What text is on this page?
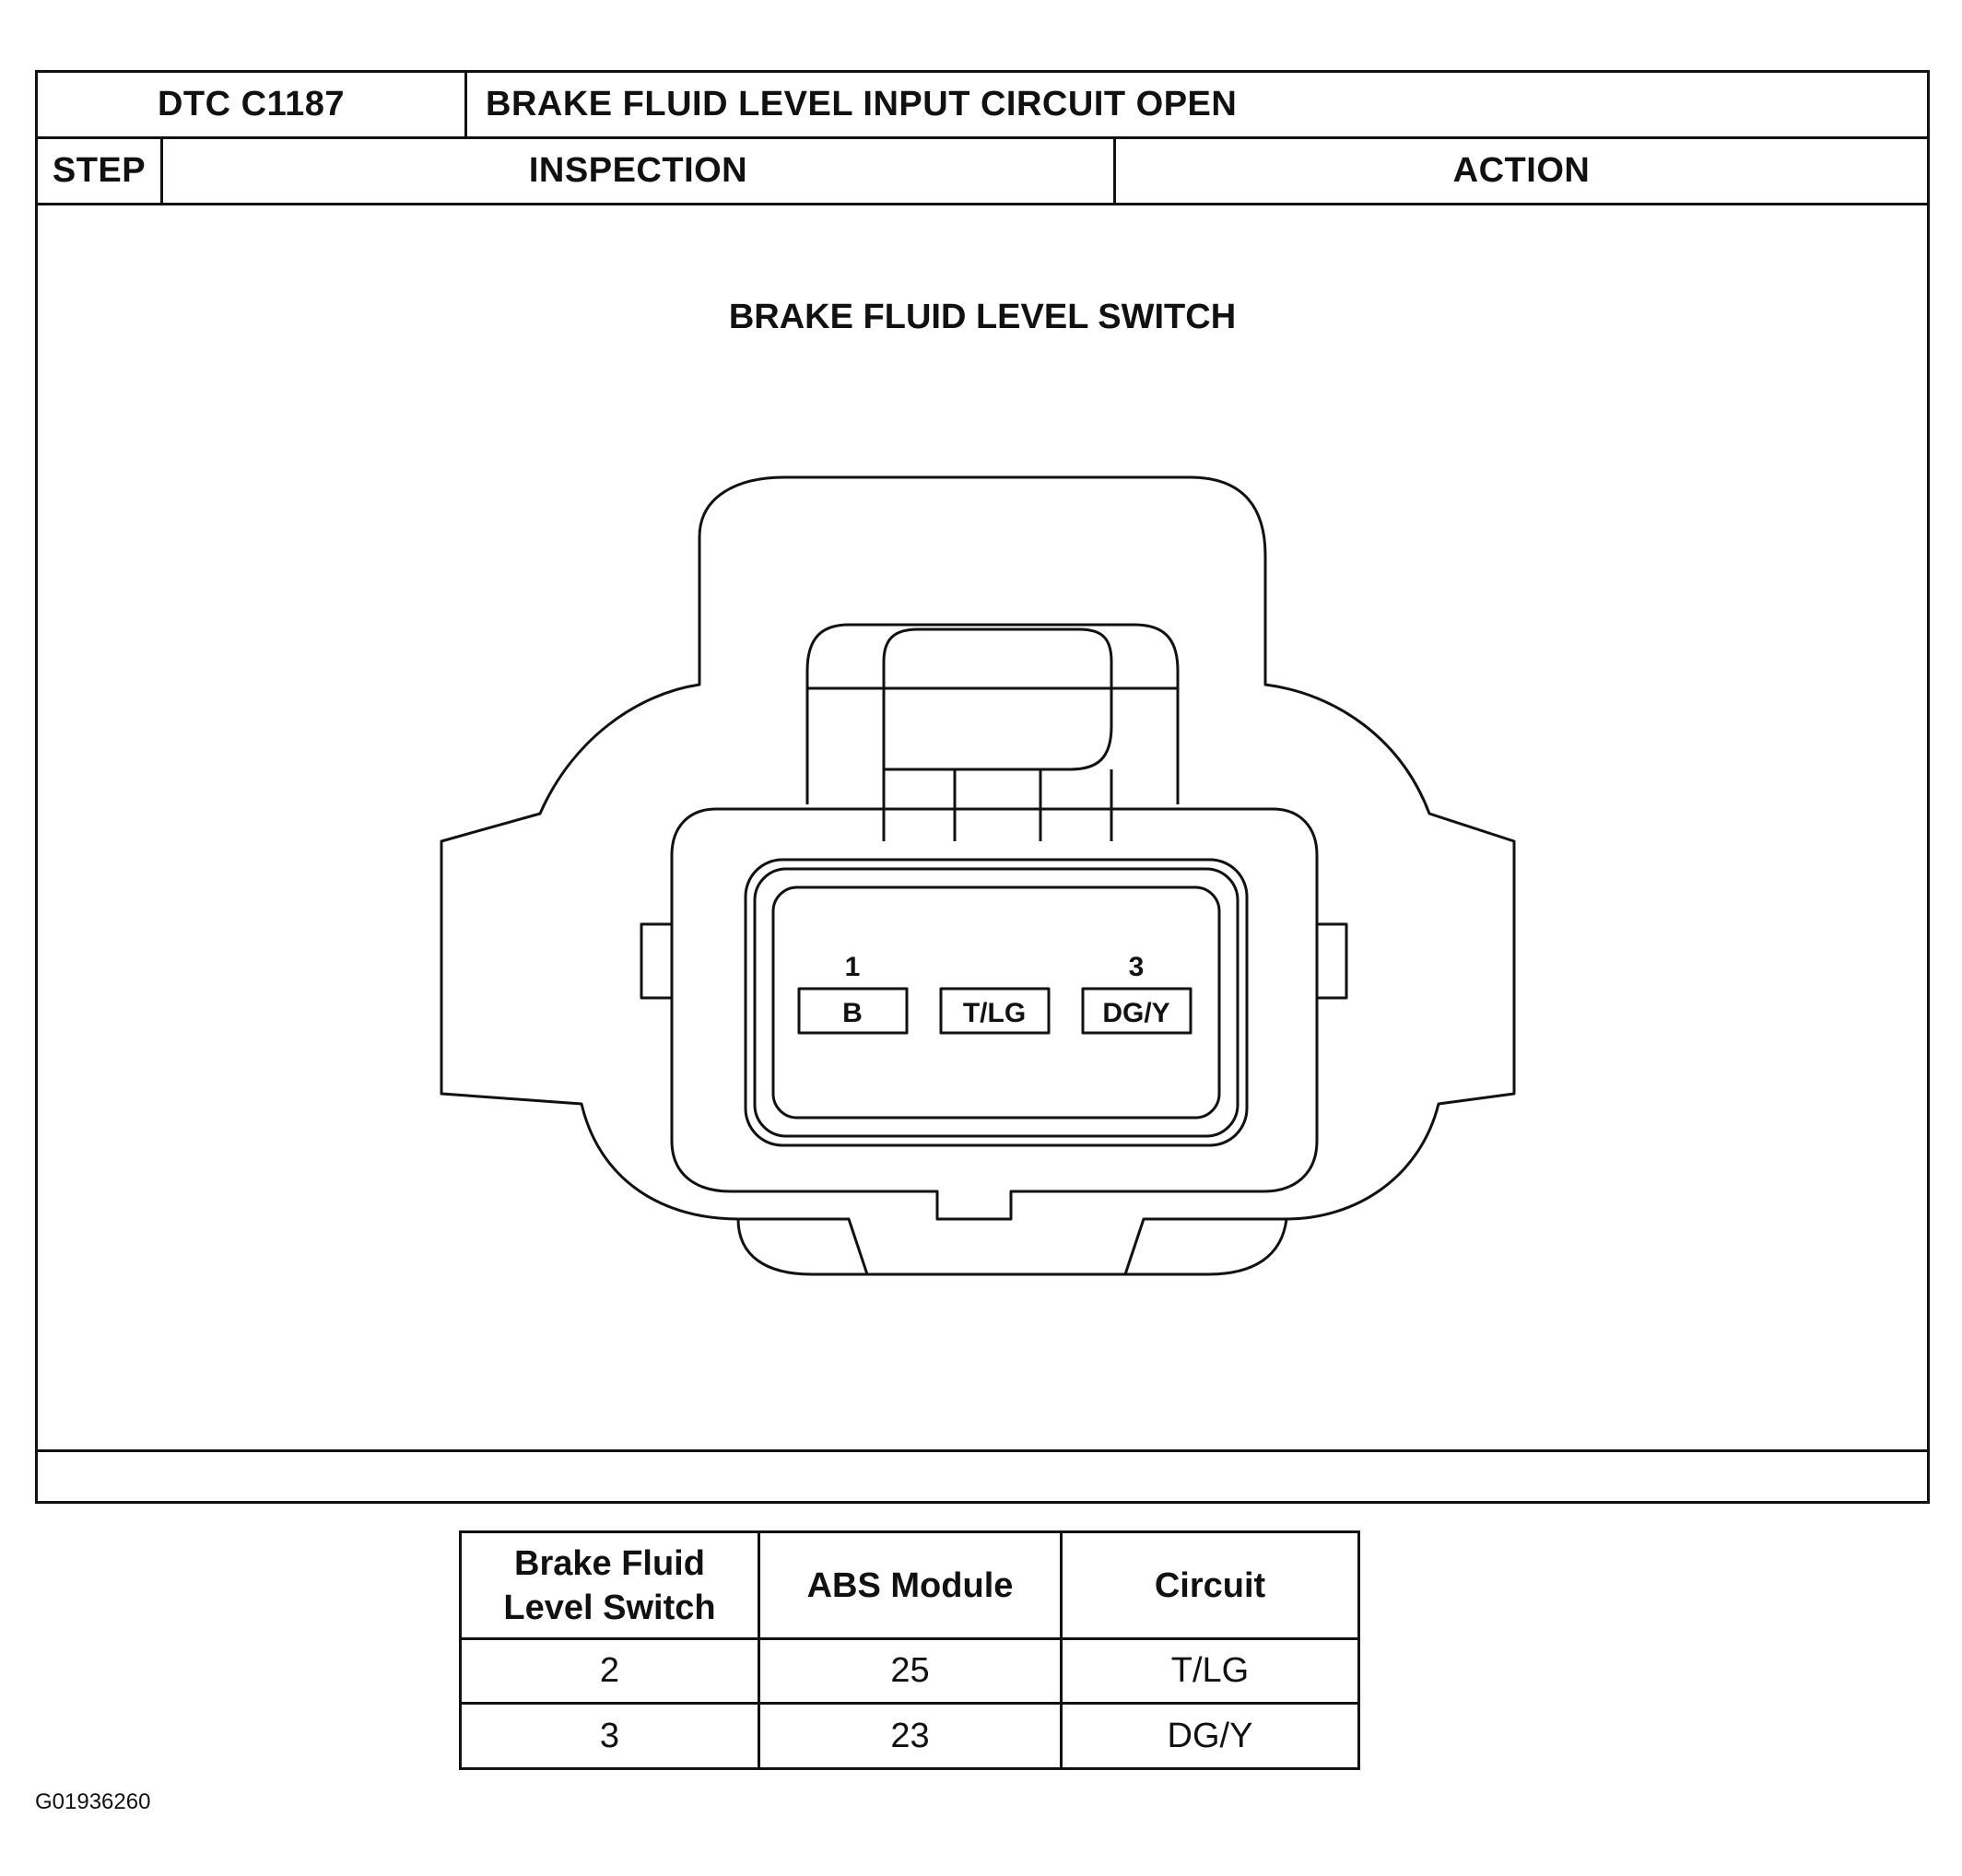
DTC C1187	BRAKE FLUID LEVEL INPUT CIRCUIT OPEN
STEP	INSPECTION	ACTION
BRAKE FLUID LEVEL SWITCH
1	3
B	T/LG	DG/Y
Brake Fluid
Level Switch
ABS Module	Circuit
2	25	T/LG
3	23	DG/Y
G01936260
